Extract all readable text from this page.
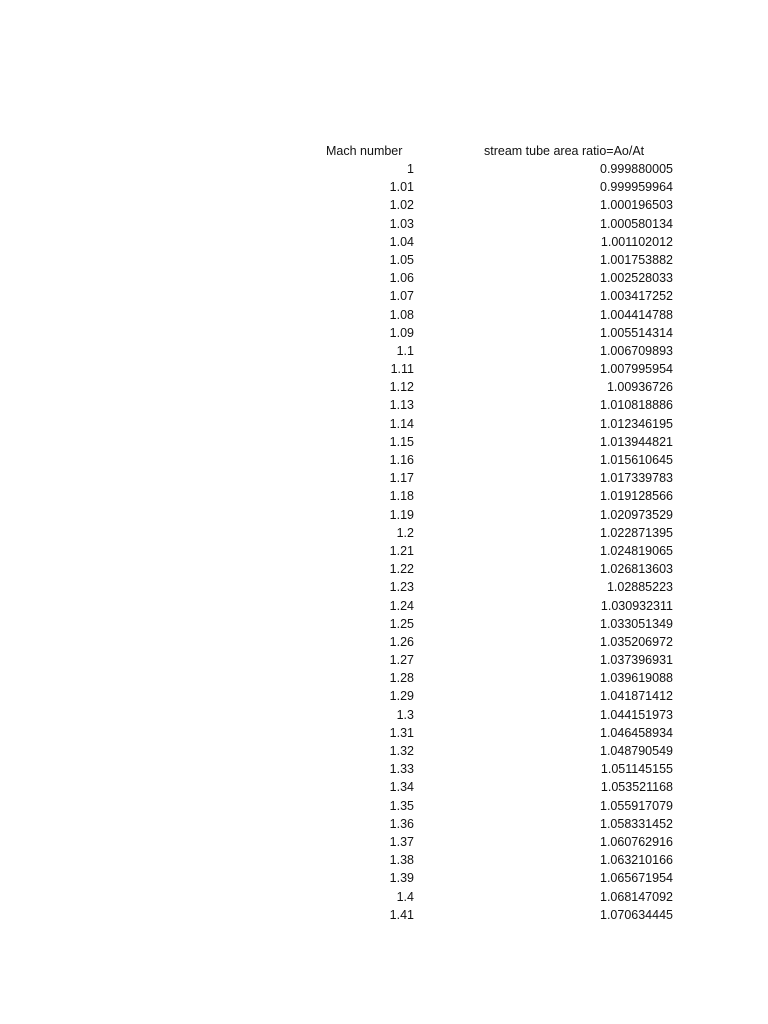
Mach number	stream tube area ratio=Ao/At
1	0.999880005
1.01	0.999959964
1.02	1.000196503
1.03	1.000580134
1.04	1.001102012
1.05	1.001753882
1.06	1.002528033
1.07	1.003417252
1.08	1.004414788
1.09	1.005514314
1.1	1.006709893
1.11	1.007995954
1.12	1.00936726
1.13	1.010818886
1.14	1.012346195
1.15	1.013944821
1.16	1.015610645
1.17	1.017339783
1.18	1.019128566
1.19	1.020973529
1.2	1.022871395
1.21	1.024819065
1.22	1.026813603
1.23	1.02885223
1.24	1.030932311
1.25	1.033051349
1.26	1.035206972
1.27	1.037396931
1.28	1.039619088
1.29	1.041871412
1.3	1.044151973
1.31	1.046458934
1.32	1.048790549
1.33	1.051145155
1.34	1.053521168
1.35	1.055917079
1.36	1.058331452
1.37	1.060762916
1.38	1.063210166
1.39	1.065671954
1.4	1.068147092
1.41	1.070634445
